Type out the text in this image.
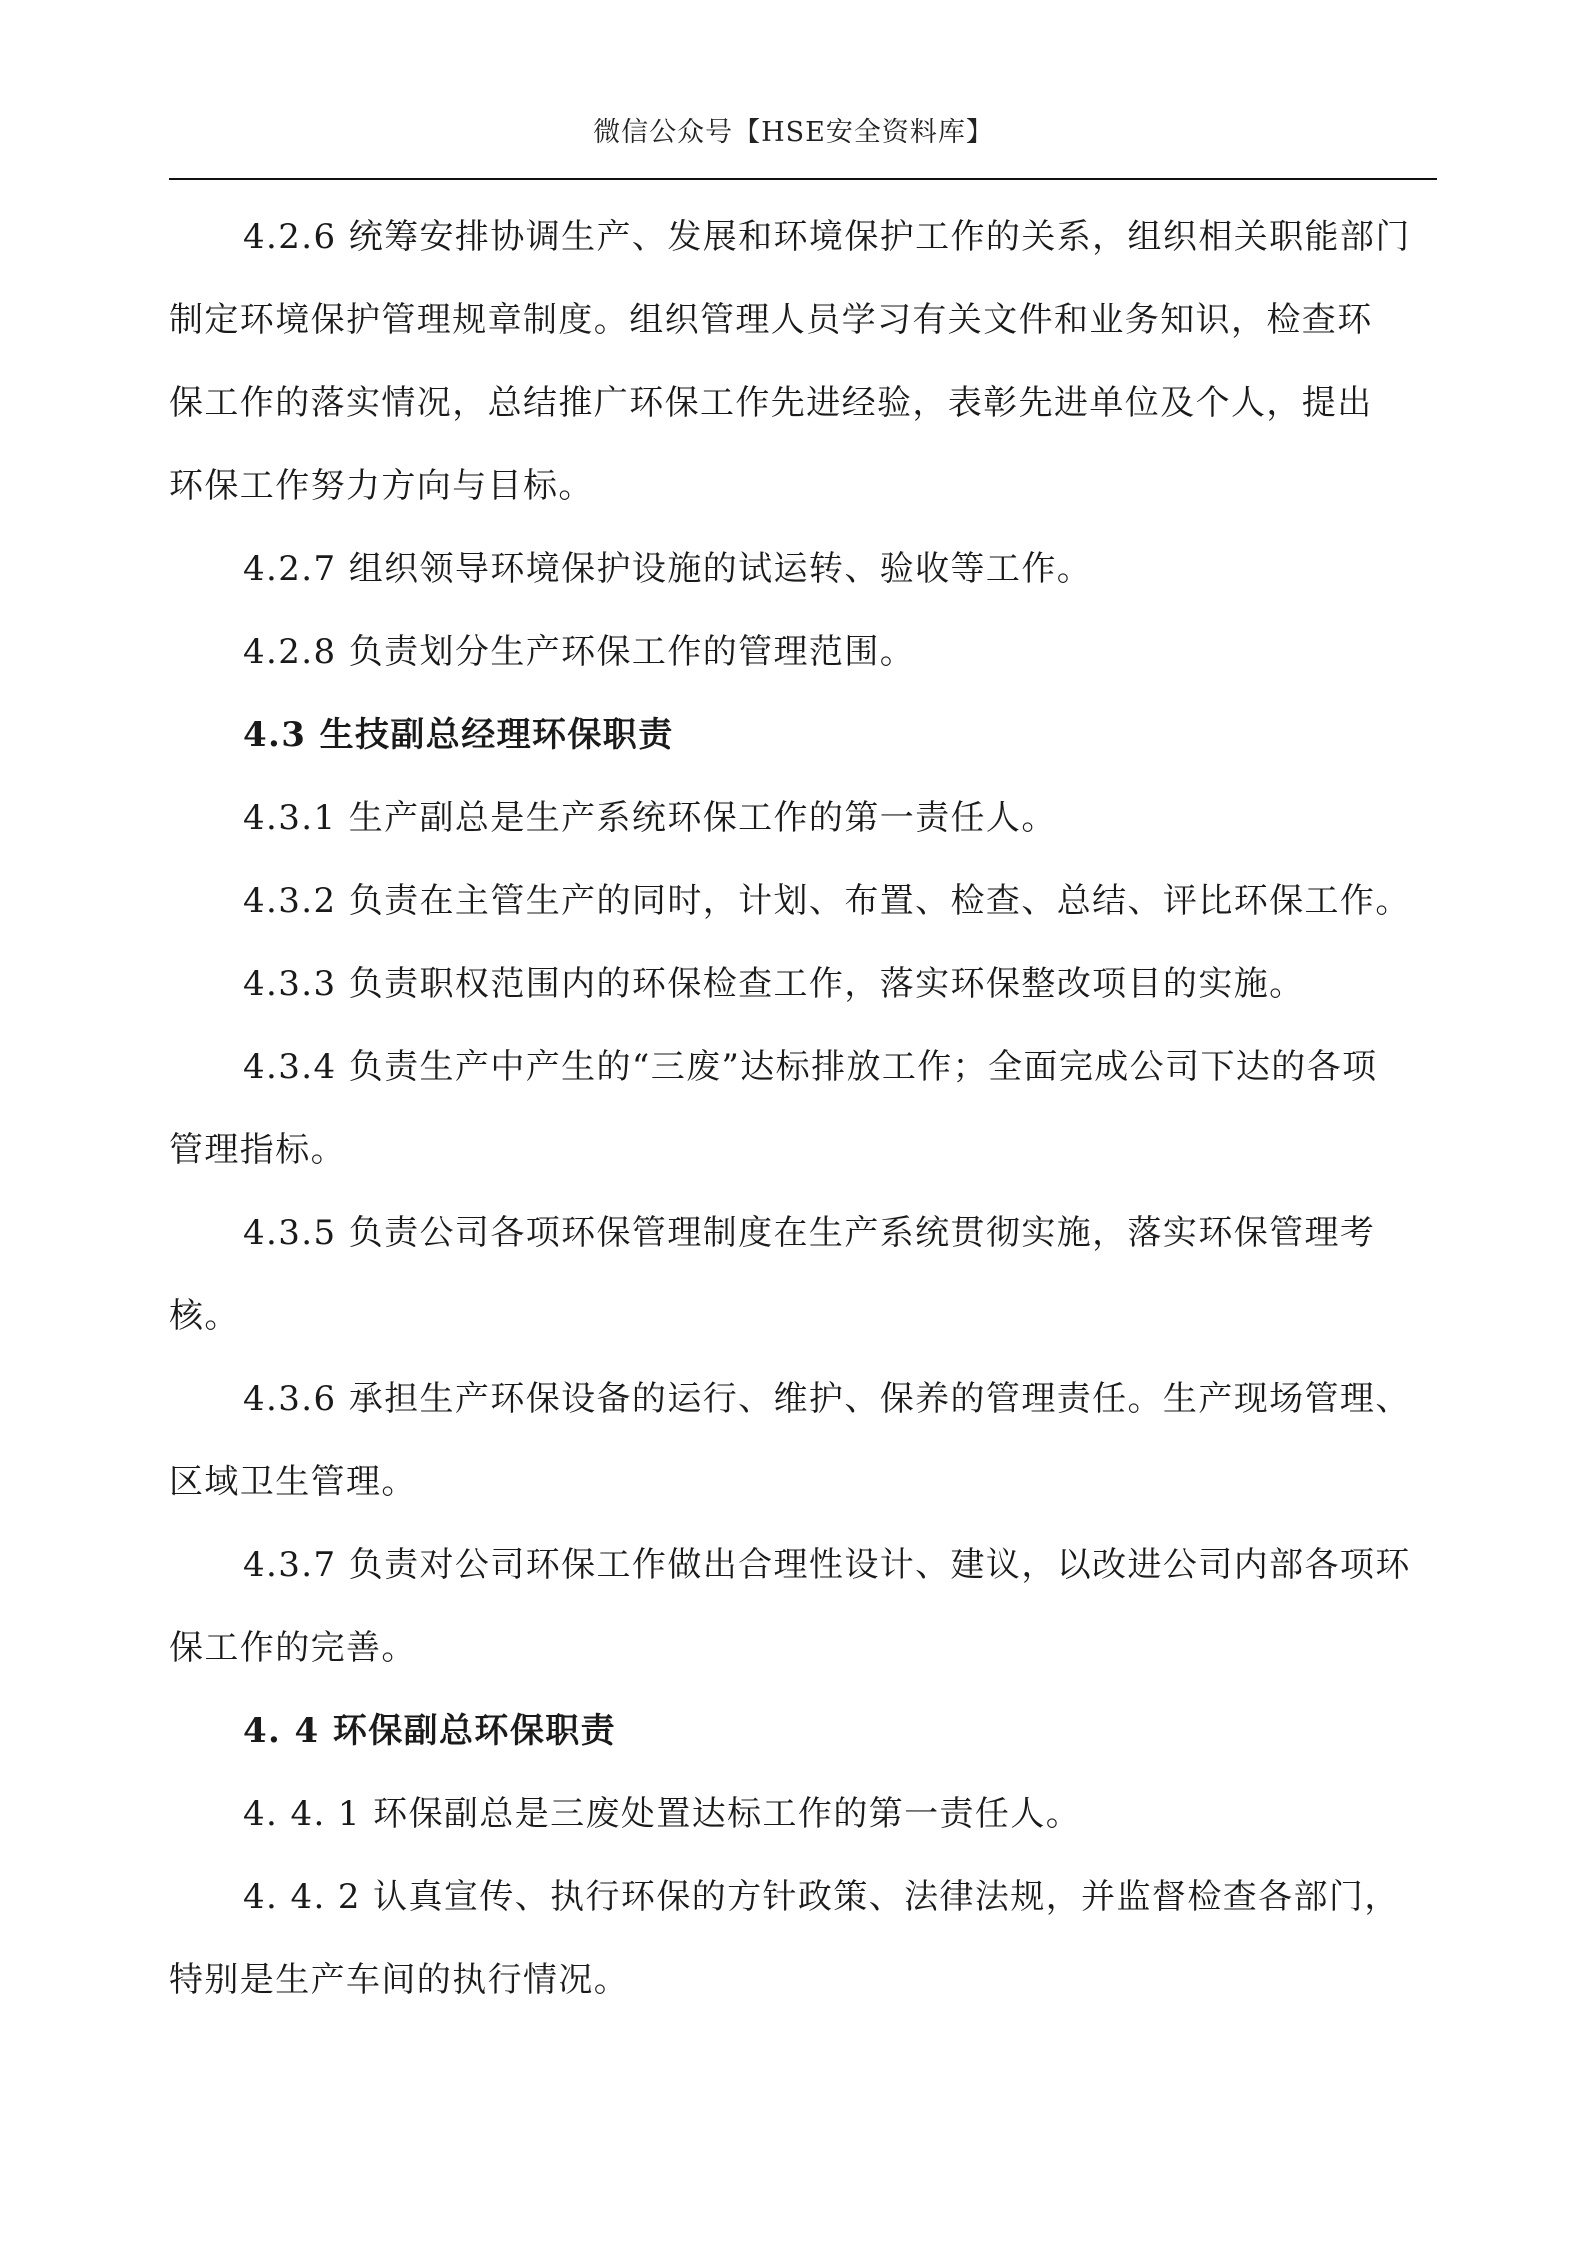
微信公众号【HSE安全资料库】
4.2.6 统筹安排协调生产、发展和环境保护工作的关系，组织相关职能部门
制定环境保护管理规章制度。组织管理人员学习有关文件和业务知识，检查环
保工作的落实情况，总结推广环保工作先进经验，表彰先进单位及个人，提出
环保工作努力方向与目标。
4.2.7 组织领导环境保护设施的试运转、验收等工作。
4.2.8 负责划分生产环保工作的管理范围。
4.3 生技副总经理环保职责
4.3.1 生产副总是生产系统环保工作的第一责任人。
4.3.2 负责在主管生产的同时，计划、布置、检查、总结、评比环保工作。
4.3.3 负责职权范围内的环保检查工作，落实环保整改项目的实施。
4.3.4 负责生产中产生的“三废”达标排放工作；全面完成公司下达的各项
管理指标。
4.3.5 负责公司各项环保管理制度在生产系统贯彻实施，落实环保管理考
核。
4.3.6 承担生产环保设备的运行、维护、保养的管理责任。生产现场管理、
区域卫生管理。
4.3.7 负责对公司环保工作做出合理性设计、建议，以改进公司内部各项环
保工作的完善。
4. 4 环保副总环保职责
4. 4. 1 环保副总是三废处置达标工作的第一责任人。
4. 4. 2 认真宣传、执行环保的方针政策、法律法规，并监督检查各部门，
特别是生产车间的执行情况。
